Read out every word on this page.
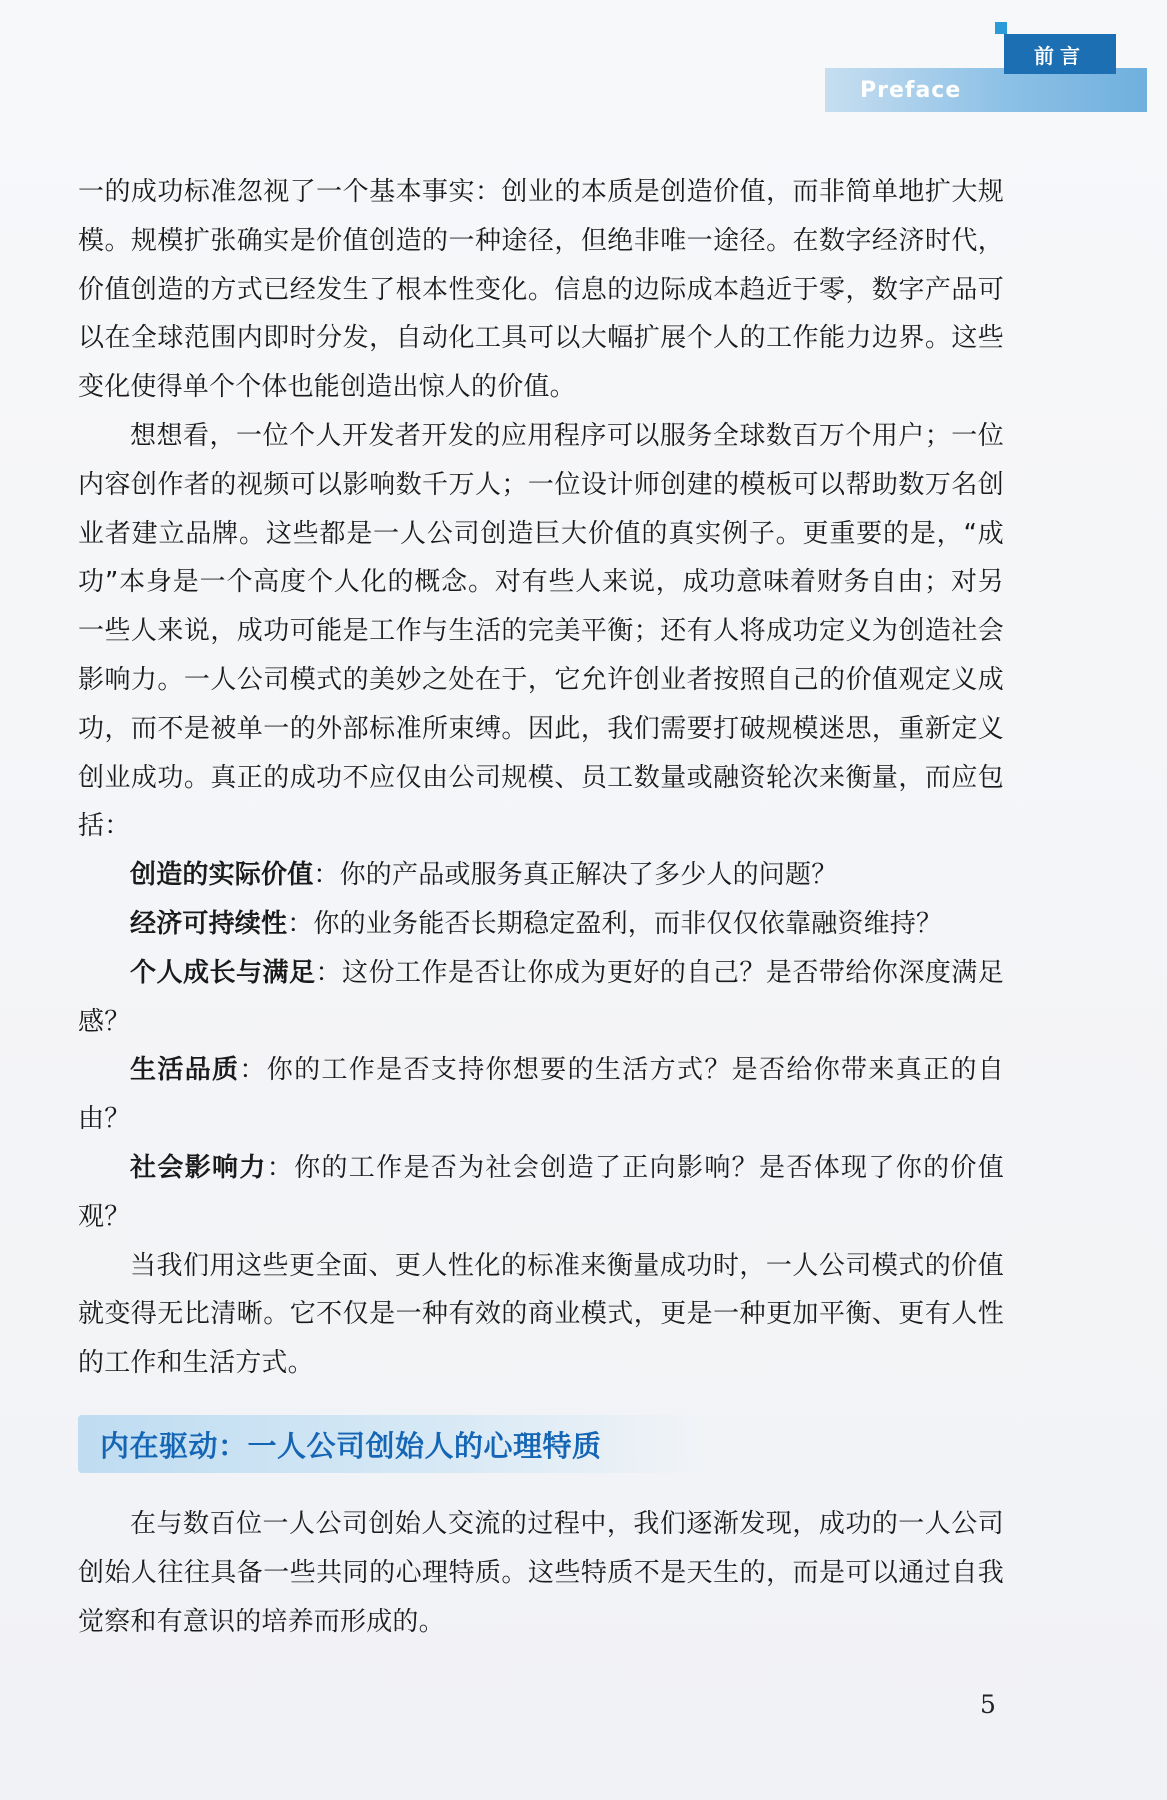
Preface
前言

一的成功标准忽视了一个基本事实：创业的本质是创造价值，而非简单地扩大规模。规模扩张确实是价值创造的一种途径，但绝非唯一途径。在数字经济时代，价值创造的方式已经发生了根本性变化。信息的边际成本趋近于零，数字产品可以在全球范围内即时分发，自动化工具可以大幅扩展个人的工作能力边界。这些变化使得单个个体也能创造出惊人的价值。

想想看，一位个人开发者开发的应用程序可以服务全球数百万个用户；一位内容创作者的视频可以影响数千万人；一位设计师创建的模板可以帮助数万名创业者建立品牌。这些都是一人公司创造巨大价值的真实例子。更重要的是，“成功”本身是一个高度个人化的概念。对有些人来说，成功意味着财务自由；对另一些人来说，成功可能是工作与生活的完美平衡；还有人将成功定义为创造社会影响力。一人公司模式的美妙之处在于，它允许创业者按照自己的价值观定义成功，而不是被单一的外部标准所束缚。因此，我们需要打破规模迷思，重新定义创业成功。真正的成功不应仅由公司规模、员工数量或融资轮次来衡量，而应包括：

创造的实际价值：你的产品或服务真正解决了多少人的问题？

经济可持续性：你的业务能否长期稳定盈利，而非仅仅依靠融资维持？

个人成长与满足：这份工作是否让你成为更好的自己？是否带给你深度满足感？

生活品质：你的工作是否支持你想要的生活方式？是否给你带来真正的自由？

社会影响力：你的工作是否为社会创造了正向影响？是否体现了你的价值观？

当我们用这些更全面、更人性化的标准来衡量成功时，一人公司模式的价值就变得无比清晰。它不仅是一种有效的商业模式，更是一种更加平衡、更有人性的工作和生活方式。

内在驱动：一人公司创始人的心理特质

在与数百位一人公司创始人交流的过程中，我们逐渐发现，成功的一人公司创始人往往具备一些共同的心理特质。这些特质不是天生的，而是可以通过自我觉察和有意识的培养而形成的。

5
